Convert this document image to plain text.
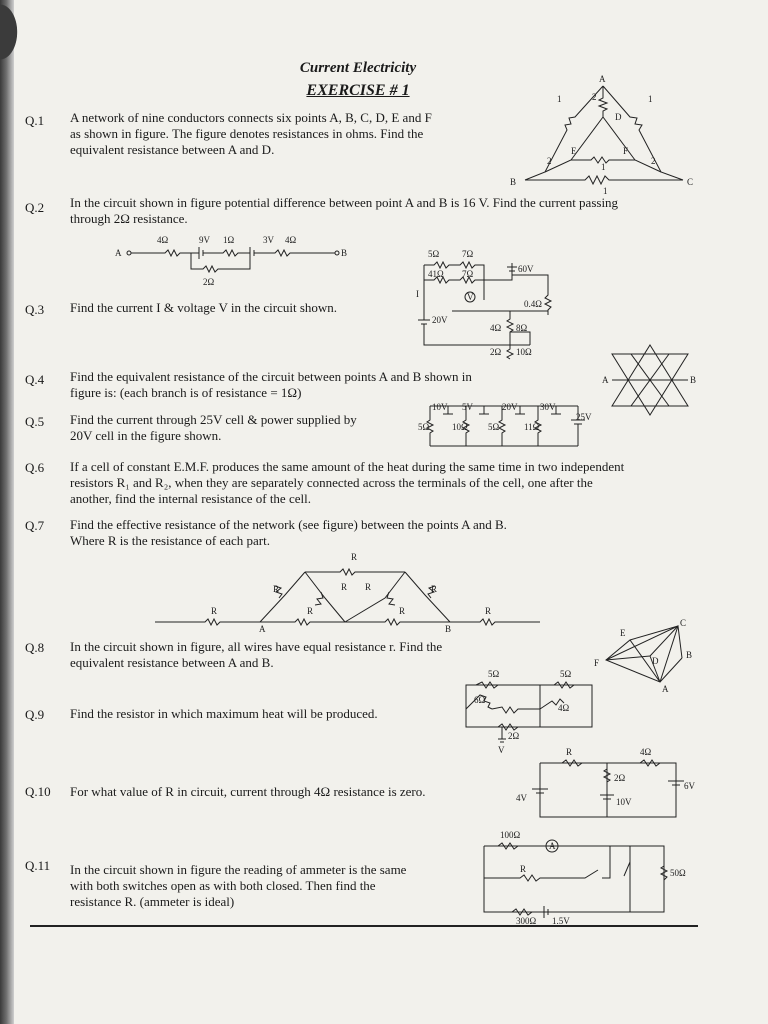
Current Electricity
EXERCISE # 1
Q.1 A network of nine conductors connects six points A, B, C, D, E and F
as shown in figure. The figure denotes resistances in ohms. Find the
equivalent resistance between A and D.
A
B	C
D
E	F
1	1
2
1
2	2
1
Q.2 In the circuit shown in figure potential difference between point A and B is 16 V. Find the current passing
through 2Ω resistance.
A	B
4Ω	9V 1Ω	3V 4Ω
2Ω
Q.3 Find the current I & voltage V in the circuit shown.
5Ω	7Ω
41Ω 7Ω	60V
V
0.4Ω
I
20V
4Ω 8Ω
2Ω 10Ω
Q.4 Find the equivalent resistance of the circuit between points A and B shown in
figure is: (each branch is of resistance = 1Ω)
A	B
Q.5 Find the current through 25V cell & power supplied by
20V cell in the figure shown.
10V 5V	20V	30V
25V
5Ω	10Ω 5Ω	11Ω
Q.6 If a cell of constant E.M.F. produces the same amount of the heat during the same time in two independent
resistors R₁ and R₂, when they are separately connected across the terminals of the cell, one after the
another, find the internal resistance of the cell.
Q.7 Find the effective resistance of the network (see figure) between the points A and B.
Where R is the resistance of each part.
R
R	R
R R
R	R	R	R
A	B
Q.8 In the circuit shown in figure, all wires have equal resistance r. Find the
equivalent resistance between A and B.
C
E
F	D
B
A
Q.9 Find the resistor in which maximum heat will be produced.
5Ω	5Ω
6Ω
4Ω
2Ω
V
Q.10 For what value of R in circuit, current through 4Ω resistance is zero.
R	4Ω
2Ω
6V
4V	10V
Q.11 In the circuit shown in figure the reading of ammeter is the same
with both switches open as with both closed. Then find the
resistance R. (ammeter is ideal)
A
100Ω
R	50Ω
300Ω 1.5V
